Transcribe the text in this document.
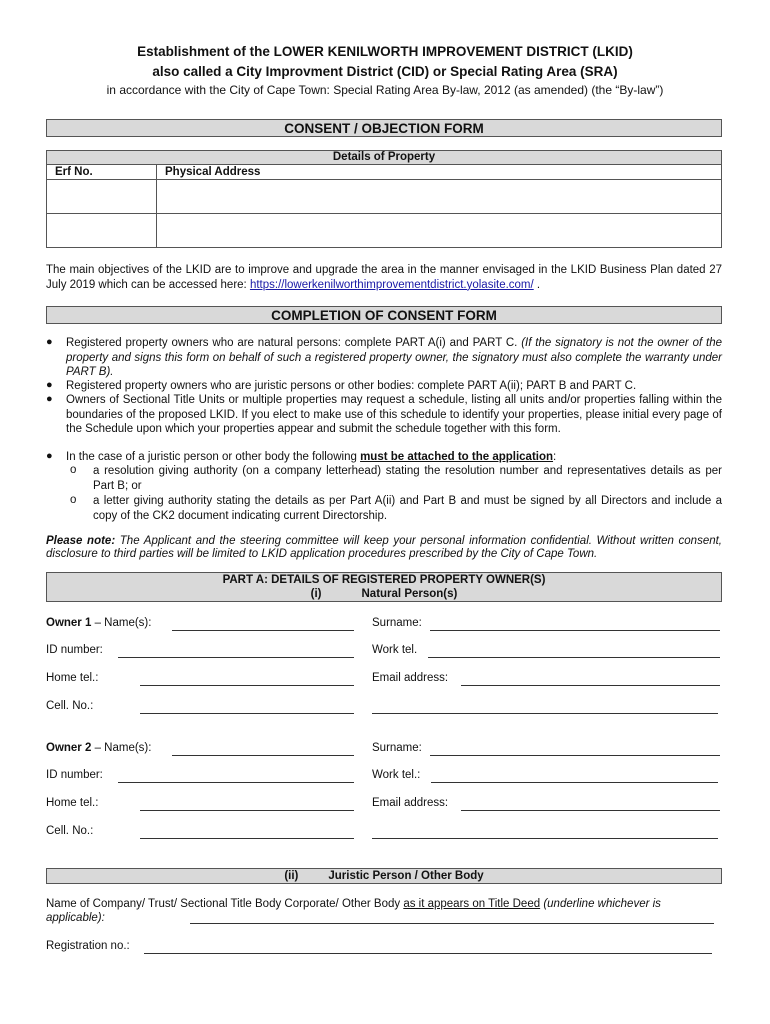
Establishment of the LOWER KENILWORTH IMPROVEMENT DISTRICT (LKID)
also called a City Improvment District (CID) or Special Rating Area (SRA)
in accordance with the City of Cape Town: Special Rating Area By-law, 2012 (as amended) (the “By-law”)
CONSENT / OBJECTION FORM
Details of Property	
Erf No.	Physical Address

The main objectives of the LKID are to improve and upgrade the area in the manner envisaged in the LKID Business Plan dated 27 July 2019 which can be accessed here: https://lowerkenilworthimprovementdistrict.yolasite.com/ .
COMPLETION OF CONSENT FORM
●	Registered property owners who are natural persons: complete PART A(i) and PART C. (If the signatory is not the owner of the property and signs this form on behalf of such a registered property owner, the signatory must also complete the warranty under PART B).
●	Registered property owners who are juristic persons or other bodies: complete PART A(ii); PART B and PART C.
●	Owners of Sectional Title Units or multiple properties may request a schedule, listing all units and/or properties falling within the boundaries of the proposed LKID. If you elect to make use of this schedule to identify your properties, please initial every page of the Schedule upon which your properties appear and submit the schedule together with this form.
●	In the case of a juristic person or other body the following must be attached to the application:
o	a resolution giving authority (on a company letterhead) stating the resolution number and representatives details as per Part B; or
o	a letter giving authority stating the details as per Part A(ii) and Part B and must be signed by all Directors and include a copy of the CK2 document indicating current Directorship.
Please note: The Applicant and the steering committee will keep your personal information confidential. Without written consent, disclosure to third parties will be limited to LKID application procedures prescribed by the City of Cape Town.
PART A: DETAILS OF REGISTERED PROPERTY OWNER(S)
(i)	Natural Person(s)
Owner 1 – Name(s):	Surname:
ID number:	Work tel.
Home tel.:	Email address:
Cell. No.:
Owner 2 – Name(s):	Surname:
ID number:	Work tel.:
Home tel.:	Email address:
Cell. No.:
(ii)	Juristic Person / Other Body
Name of Company/ Trust/ Sectional Title Body Corporate/ Other Body as it appears on Title Deed (underline whichever is applicable):
Registration no.:
